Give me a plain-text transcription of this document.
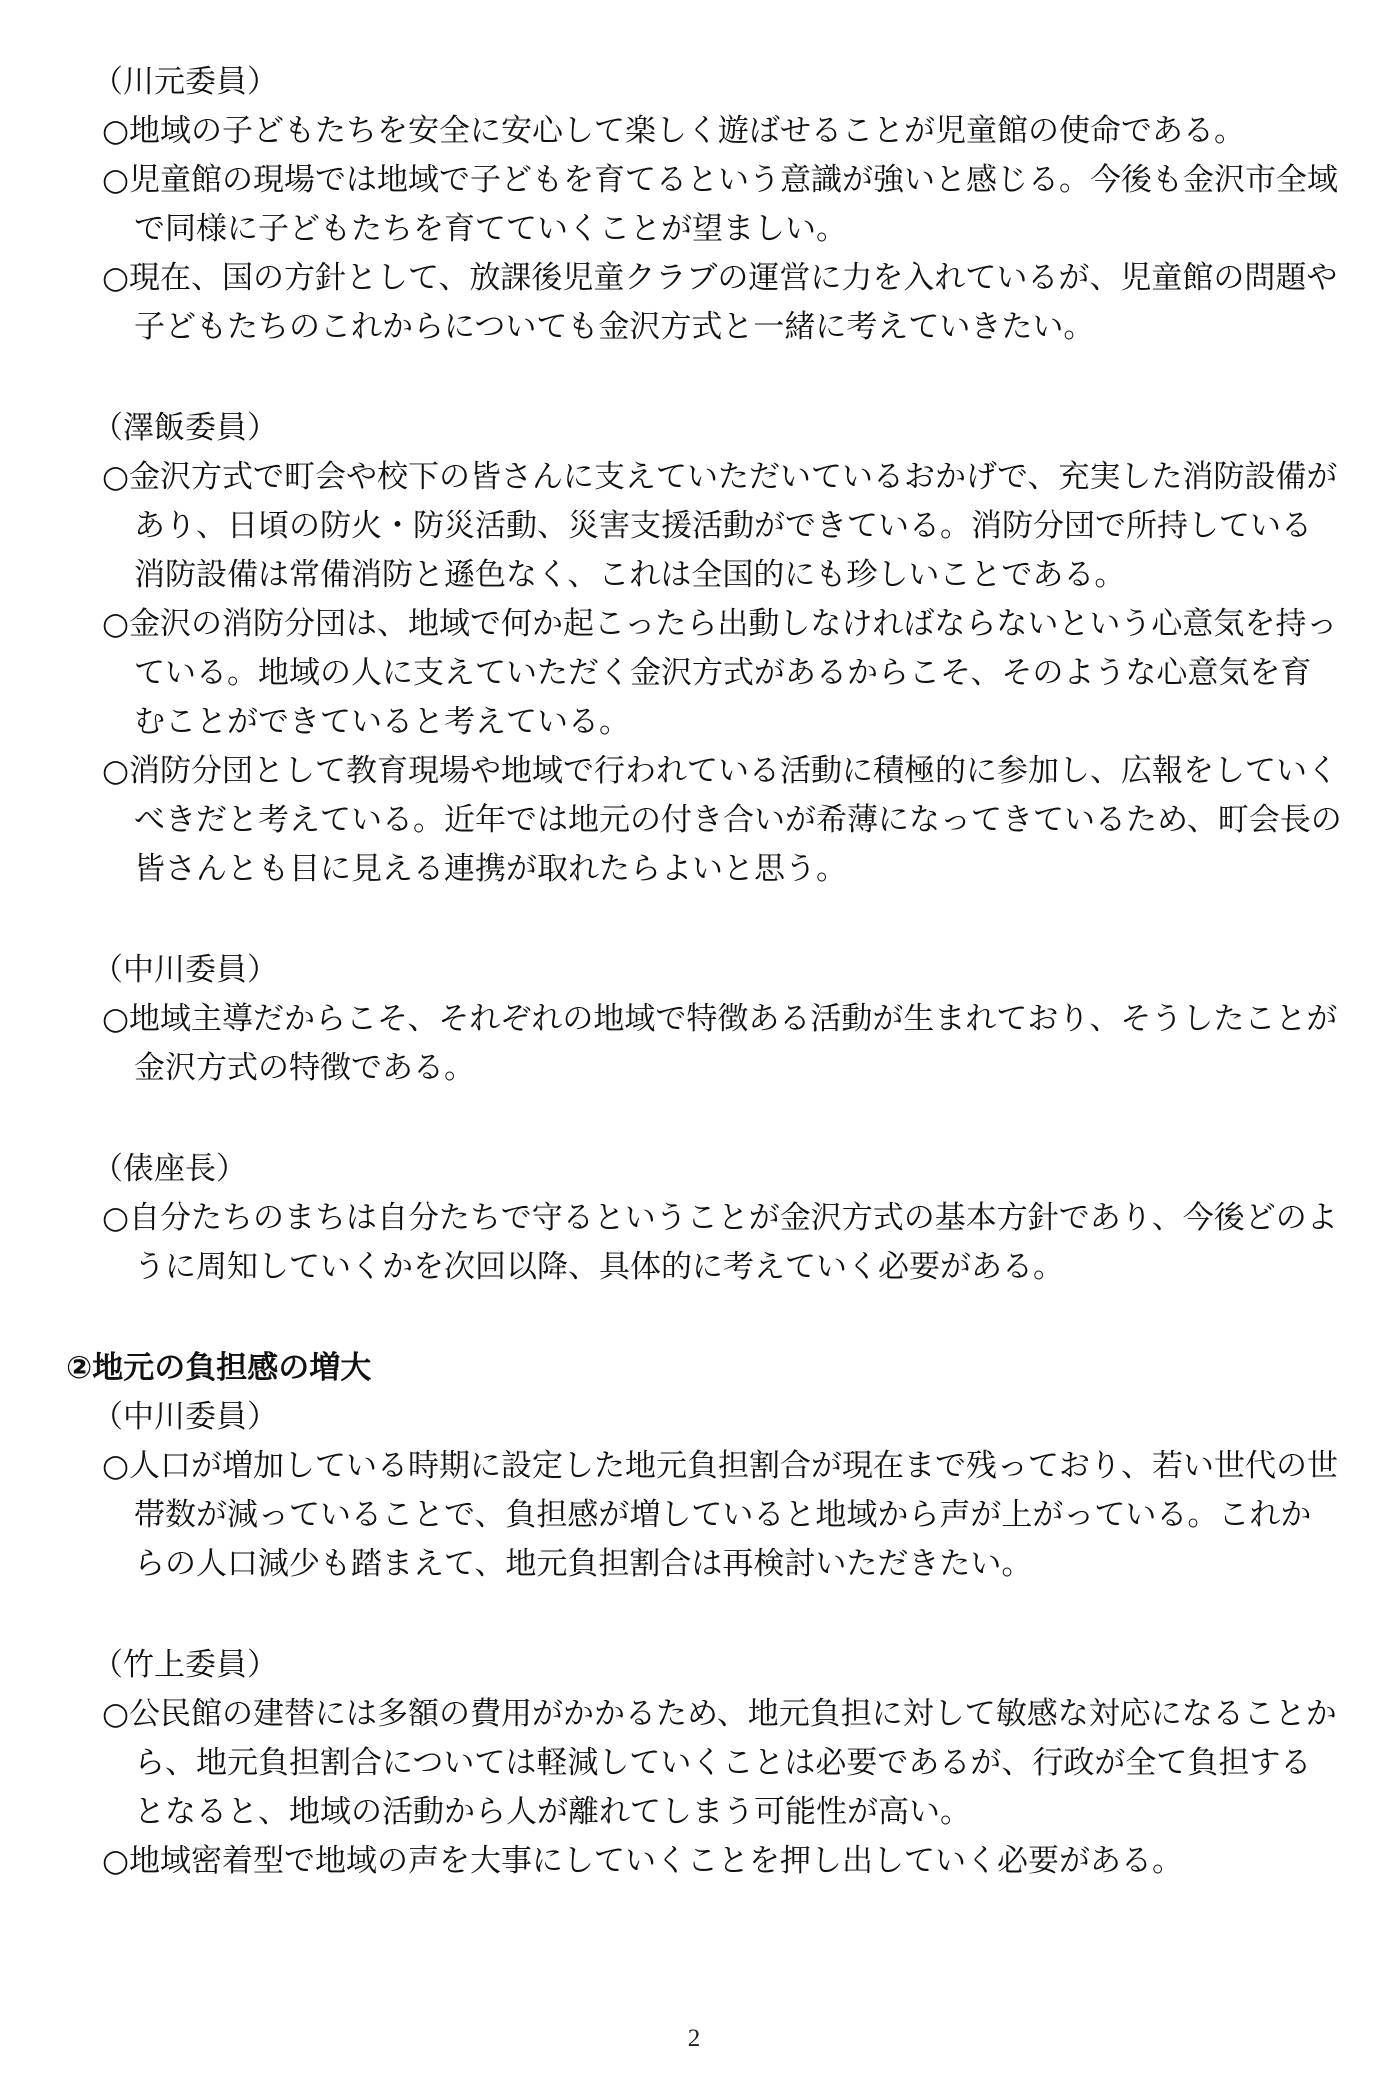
（川元委員）
○地域の子どもたちを安全に安心して楽しく遊ばせることが児童館の使命である。
○児童館の現場では地域で子どもを育てるという意識が強いと感じる。今後も金沢市全域で同様に子どもたちを育てていくことが望ましい。
○現在、国の方針として、放課後児童クラブの運営に力を入れているが、児童館の問題や子どもたちのこれからについても金沢方式と一緒に考えていきたい。
（澤飯委員）
○金沢方式で町会や校下の皆さんに支えていただいているおかげで、充実した消防設備があり、日頃の防火・防災活動、災害支援活動ができている。消防分団で所持している消防設備は常備消防と遜色なく、これは全国的にも珍しいことである。
○金沢の消防分団は、地域で何か起こったら出動しなければならないという心意気を持っている。地域の人に支えていただく金沢方式があるからこそ、そのような心意気を育むことができていると考えている。
○消防分団として教育現場や地域で行われている活動に積極的に参加し、広報をしていくべきだと考えている。近年では地元の付き合いが希薄になってきているため、町会長の皆さんとも目に見える連携が取れたらよいと思う。
（中川委員）
○地域主導だからこそ、それぞれの地域で特徴ある活動が生まれており、そうしたことが金沢方式の特徴である。
（俵座長）
○自分たちのまちは自分たちで守るということが金沢方式の基本方針であり、今後どのように周知していくかを次回以降、具体的に考えていく必要がある。
②地元の負担感の増大
（中川委員）
○人口が増加している時期に設定した地元負担割合が現在まで残っており、若い世代の世帯数が減っていることで、負担感が増していると地域から声が上がっている。これからの人口減少も踏まえて、地元負担割合は再検討いただきたい。
（竹上委員）
○公民館の建替には多額の費用がかかるため、地元負担に対して敏感な対応になることから、地元負担割合については軽減していくことは必要であるが、行政が全て負担するとなると、地域の活動から人が離れてしまう可能性が高い。
○地域密着型で地域の声を大事にしていくことを押し出していく必要がある。
2
